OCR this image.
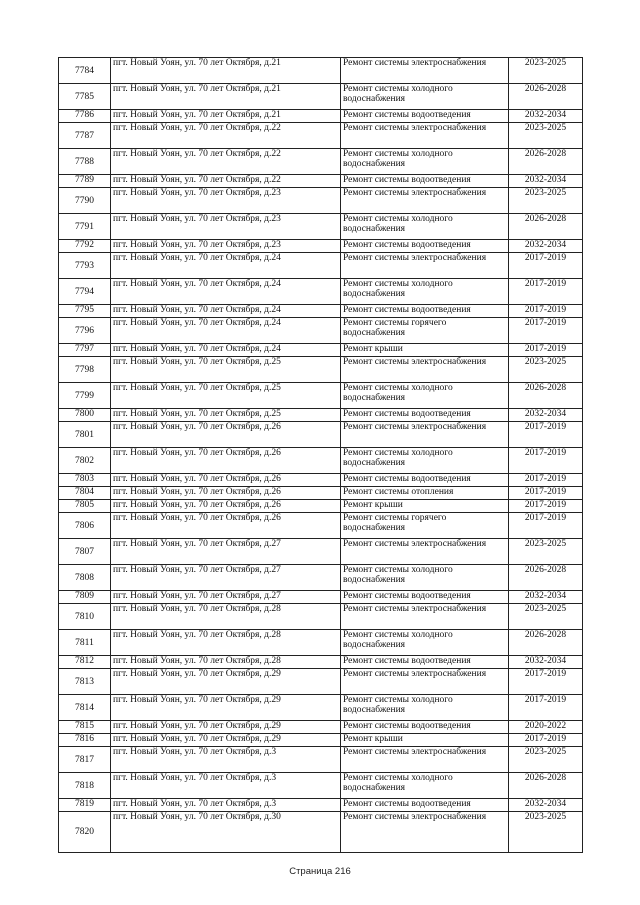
7784	пгт. Новый Уоян, ул. 70 лет Октября, д.21	Ремонт системы электроснабжения	2023-2025
7785	пгт. Новый Уоян, ул. 70 лет Октября, д.21	Ремонт системы холодного водоснабжения	2026-2028
7786	пгт. Новый Уоян, ул. 70 лет Октября, д.21	Ремонт системы водоотведения	2032-2034
7787	пгт. Новый Уоян, ул. 70 лет Октября, д.22	Ремонт системы электроснабжения	2023-2025
7788	пгт. Новый Уоян, ул. 70 лет Октября, д.22	Ремонт системы холодного водоснабжения	2026-2028
7789	пгт. Новый Уоян, ул. 70 лет Октября, д.22	Ремонт системы водоотведения	2032-2034
7790	пгт. Новый Уоян, ул. 70 лет Октября, д.23	Ремонт системы электроснабжения	2023-2025
7791	пгт. Новый Уоян, ул. 70 лет Октября, д.23	Ремонт системы холодного водоснабжения	2026-2028
7792	пгт. Новый Уоян, ул. 70 лет Октября, д.23	Ремонт системы водоотведения	2032-2034
7793	пгт. Новый Уоян, ул. 70 лет Октября, д.24	Ремонт системы электроснабжения	2017-2019
7794	пгт. Новый Уоян, ул. 70 лет Октября, д.24	Ремонт системы холодного водоснабжения	2017-2019
7795	пгт. Новый Уоян, ул. 70 лет Октября, д.24	Ремонт системы водоотведения	2017-2019
7796	пгт. Новый Уоян, ул. 70 лет Октября, д.24	Ремонт системы горячего водоснабжения	2017-2019
7797	пгт. Новый Уоян, ул. 70 лет Октября, д.24	Ремонт крыши	2017-2019
7798	пгт. Новый Уоян, ул. 70 лет Октября, д.25	Ремонт системы электроснабжения	2023-2025
7799	пгт. Новый Уоян, ул. 70 лет Октября, д.25	Ремонт системы холодного водоснабжения	2026-2028
7800	пгт. Новый Уоян, ул. 70 лет Октября, д.25	Ремонт системы водоотведения	2032-2034
7801	пгт. Новый Уоян, ул. 70 лет Октября, д.26	Ремонт системы электроснабжения	2017-2019
7802	пгт. Новый Уоян, ул. 70 лет Октября, д.26	Ремонт системы холодного водоснабжения	2017-2019
7803	пгт. Новый Уоян, ул. 70 лет Октября, д.26	Ремонт системы водоотведения	2017-2019
7804	пгт. Новый Уоян, ул. 70 лет Октября, д.26	Ремонт системы отопления	2017-2019
7805	пгт. Новый Уоян, ул. 70 лет Октября, д.26	Ремонт крыши	2017-2019
7806	пгт. Новый Уоян, ул. 70 лет Октября, д.26	Ремонт системы горячего водоснабжения	2017-2019
7807	пгт. Новый Уоян, ул. 70 лет Октября, д.27	Ремонт системы электроснабжения	2023-2025
7808	пгт. Новый Уоян, ул. 70 лет Октября, д.27	Ремонт системы холодного водоснабжения	2026-2028
7809	пгт. Новый Уоян, ул. 70 лет Октября, д.27	Ремонт системы водоотведения	2032-2034
7810	пгт. Новый Уоян, ул. 70 лет Октября, д.28	Ремонт системы электроснабжения	2023-2025
7811	пгт. Новый Уоян, ул. 70 лет Октября, д.28	Ремонт системы холодного водоснабжения	2026-2028
7812	пгт. Новый Уоян, ул. 70 лет Октября, д.28	Ремонт системы водоотведения	2032-2034
7813	пгт. Новый Уоян, ул. 70 лет Октября, д.29	Ремонт системы электроснабжения	2017-2019
7814	пгт. Новый Уоян, ул. 70 лет Октября, д.29	Ремонт системы холодного водоснабжения	2017-2019
7815	пгт. Новый Уоян, ул. 70 лет Октября, д.29	Ремонт системы водоотведения	2020-2022
7816	пгт. Новый Уоян, ул. 70 лет Октября, д.29	Ремонт крыши	2017-2019
7817	пгт. Новый Уоян, ул. 70 лет Октября, д.3	Ремонт системы электроснабжения	2023-2025
7818	пгт. Новый Уоян, ул. 70 лет Октября, д.3	Ремонт системы холодного водоснабжения	2026-2028
7819	пгт. Новый Уоян, ул. 70 лет Октября, д.3	Ремонт системы водоотведения	2032-2034
7820	пгт. Новый Уоян, ул. 70 лет Октября, д.30	Ремонт системы электроснабжения	2023-2025
Страница 216
